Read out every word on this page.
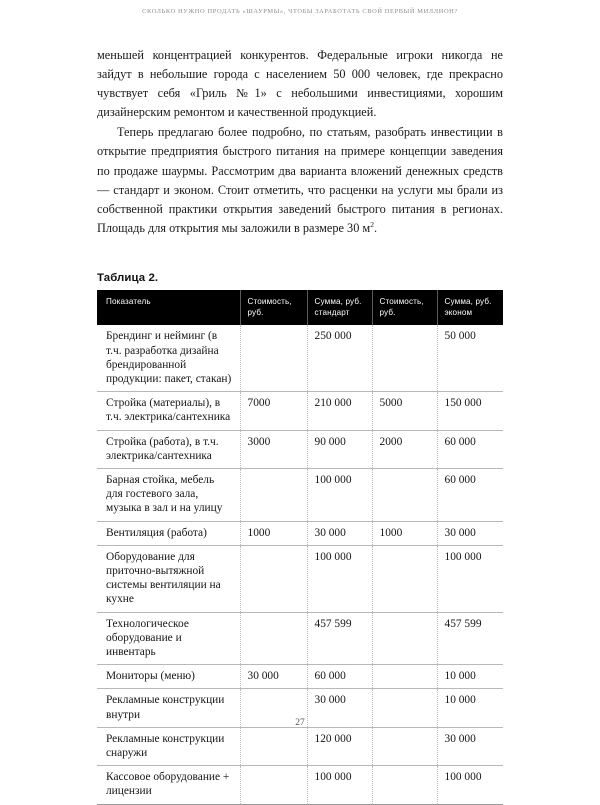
СКОЛЬКО НУЖНО ПРОДАТЬ «ШАУРМЫ», ЧТОБЫ ЗАРАБОТАТЬ СВОЙ ПЕРВЫЙ МИЛЛИОН?

меньшей концентрацией конкурентов. Федеральные игроки никогда не зайдут в небольшие города с населением 50 000 человек, где прекрасно чувствует себя «Гриль №1» с небольшими инвестициями, хорошим дизайнерским ремонтом и качественной продукцией.

Теперь предлагаю более подробно, по статьям, разобрать инвестиции в открытие предприятия быстрого питания на примере концепции заведения по продаже шаурмы. Рассмотрим два варианта вложений денежных средств — стандарт и эконом. Стоит отметить, что расценки на услуги мы брали из собственной практики открытия заведений быстрого питания в регионах. Площадь для открытия мы заложили в размере 30 $м^2$.

Таблица 2.
Показатель	Стоимость, руб.	Сумма, руб. стандарт	Стоимость, руб.	Сумма, руб. эконом
Брендинг и нейминг (в т.ч. разработка дизайна брендированной продукции: пакет, стакан)		250 000		50 000
Стройка (материалы), в т.ч. электрика/сантехника	7000	210 000	5000	150 000
Стройка (работа), в т.ч. электрика/сантехника	3000	90 000	2000	60 000
Барная стойка, мебель для гостевого зала, музыка в зал и на улицу		100 000		60 000
Вентиляция (работа)	1000	30 000	1000	30 000
Оборудование для приточно-вытяжной системы вентиляции на кухне		100 000		100 000
Технологическое оборудование и инвентарь		457 599		457 599
Мониторы (меню)	30 000	60 000		10 000
Рекламные конструкции внутри		30 000		10 000
Рекламные конструкции снаружи		120 000		30 000
Кассовое оборудование + лицензии		100 000		100 000
27
